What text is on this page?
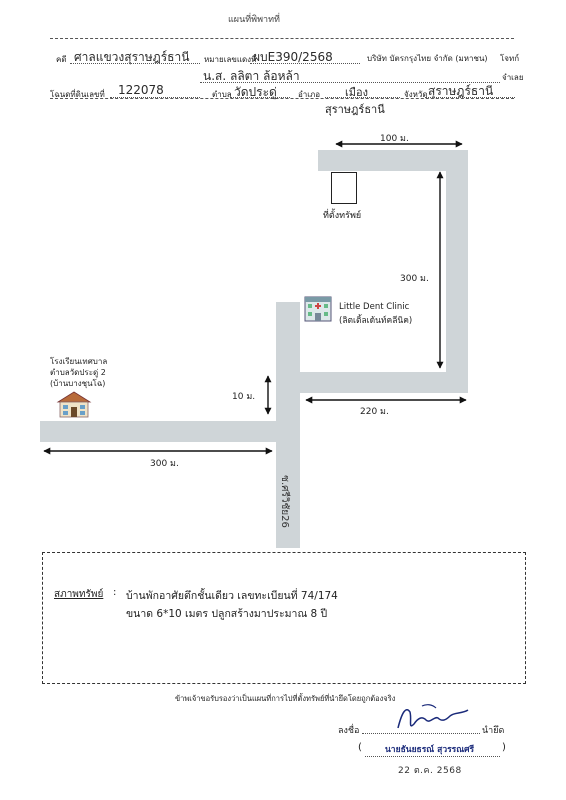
แผนที่พิพาทที่
คดี ศาลแขวงสุราษฎร์ธานี หมายเลขแดงที่
ผบE390/2568	บริษัท บัตรกรุงไทย จำกัด (มหาชน) โจทก์
น.ส. ลลิตา ล้อหล้า	จำเลย
โฉนดที่ดินเลขที่ 122078	ตำบล วัดประดู่	อำเภอ เมือง	จังหวัด สุราษฎร์ธานี
สุราษฎร์ธานี
100 ม.
300 ม.
220 ม.
10 ม.
300 ม.
ที่ตั้งทรัพย์
Little Dent Clinic
(ลิตเติ้ลเด้นท์คลีนิค)
โรงเรียนเทศบาล
ตำบลวัดประดู่ 2
(บ้านบางชุนโฉ)
ซ.ศรีวิชัย26
สภาพทรัพย์ : บ้านพักอาศัยตึกชั้นเดียว เลขทะเบียนที่ 74/174
ขนาด 6*10 เมตร ปลูกสร้างมาประมาณ 8 ปี
ข้าพเจ้าขอรับรองว่าเป็นแผนที่การไปที่ตั้งทรัพย์ที่นำยึดโดยถูกต้องจริง
ลงชื่อ	นำยึด
(	นายธันยธรณ์ สุวรรณศรี	)
22 ต.ค. 2568
